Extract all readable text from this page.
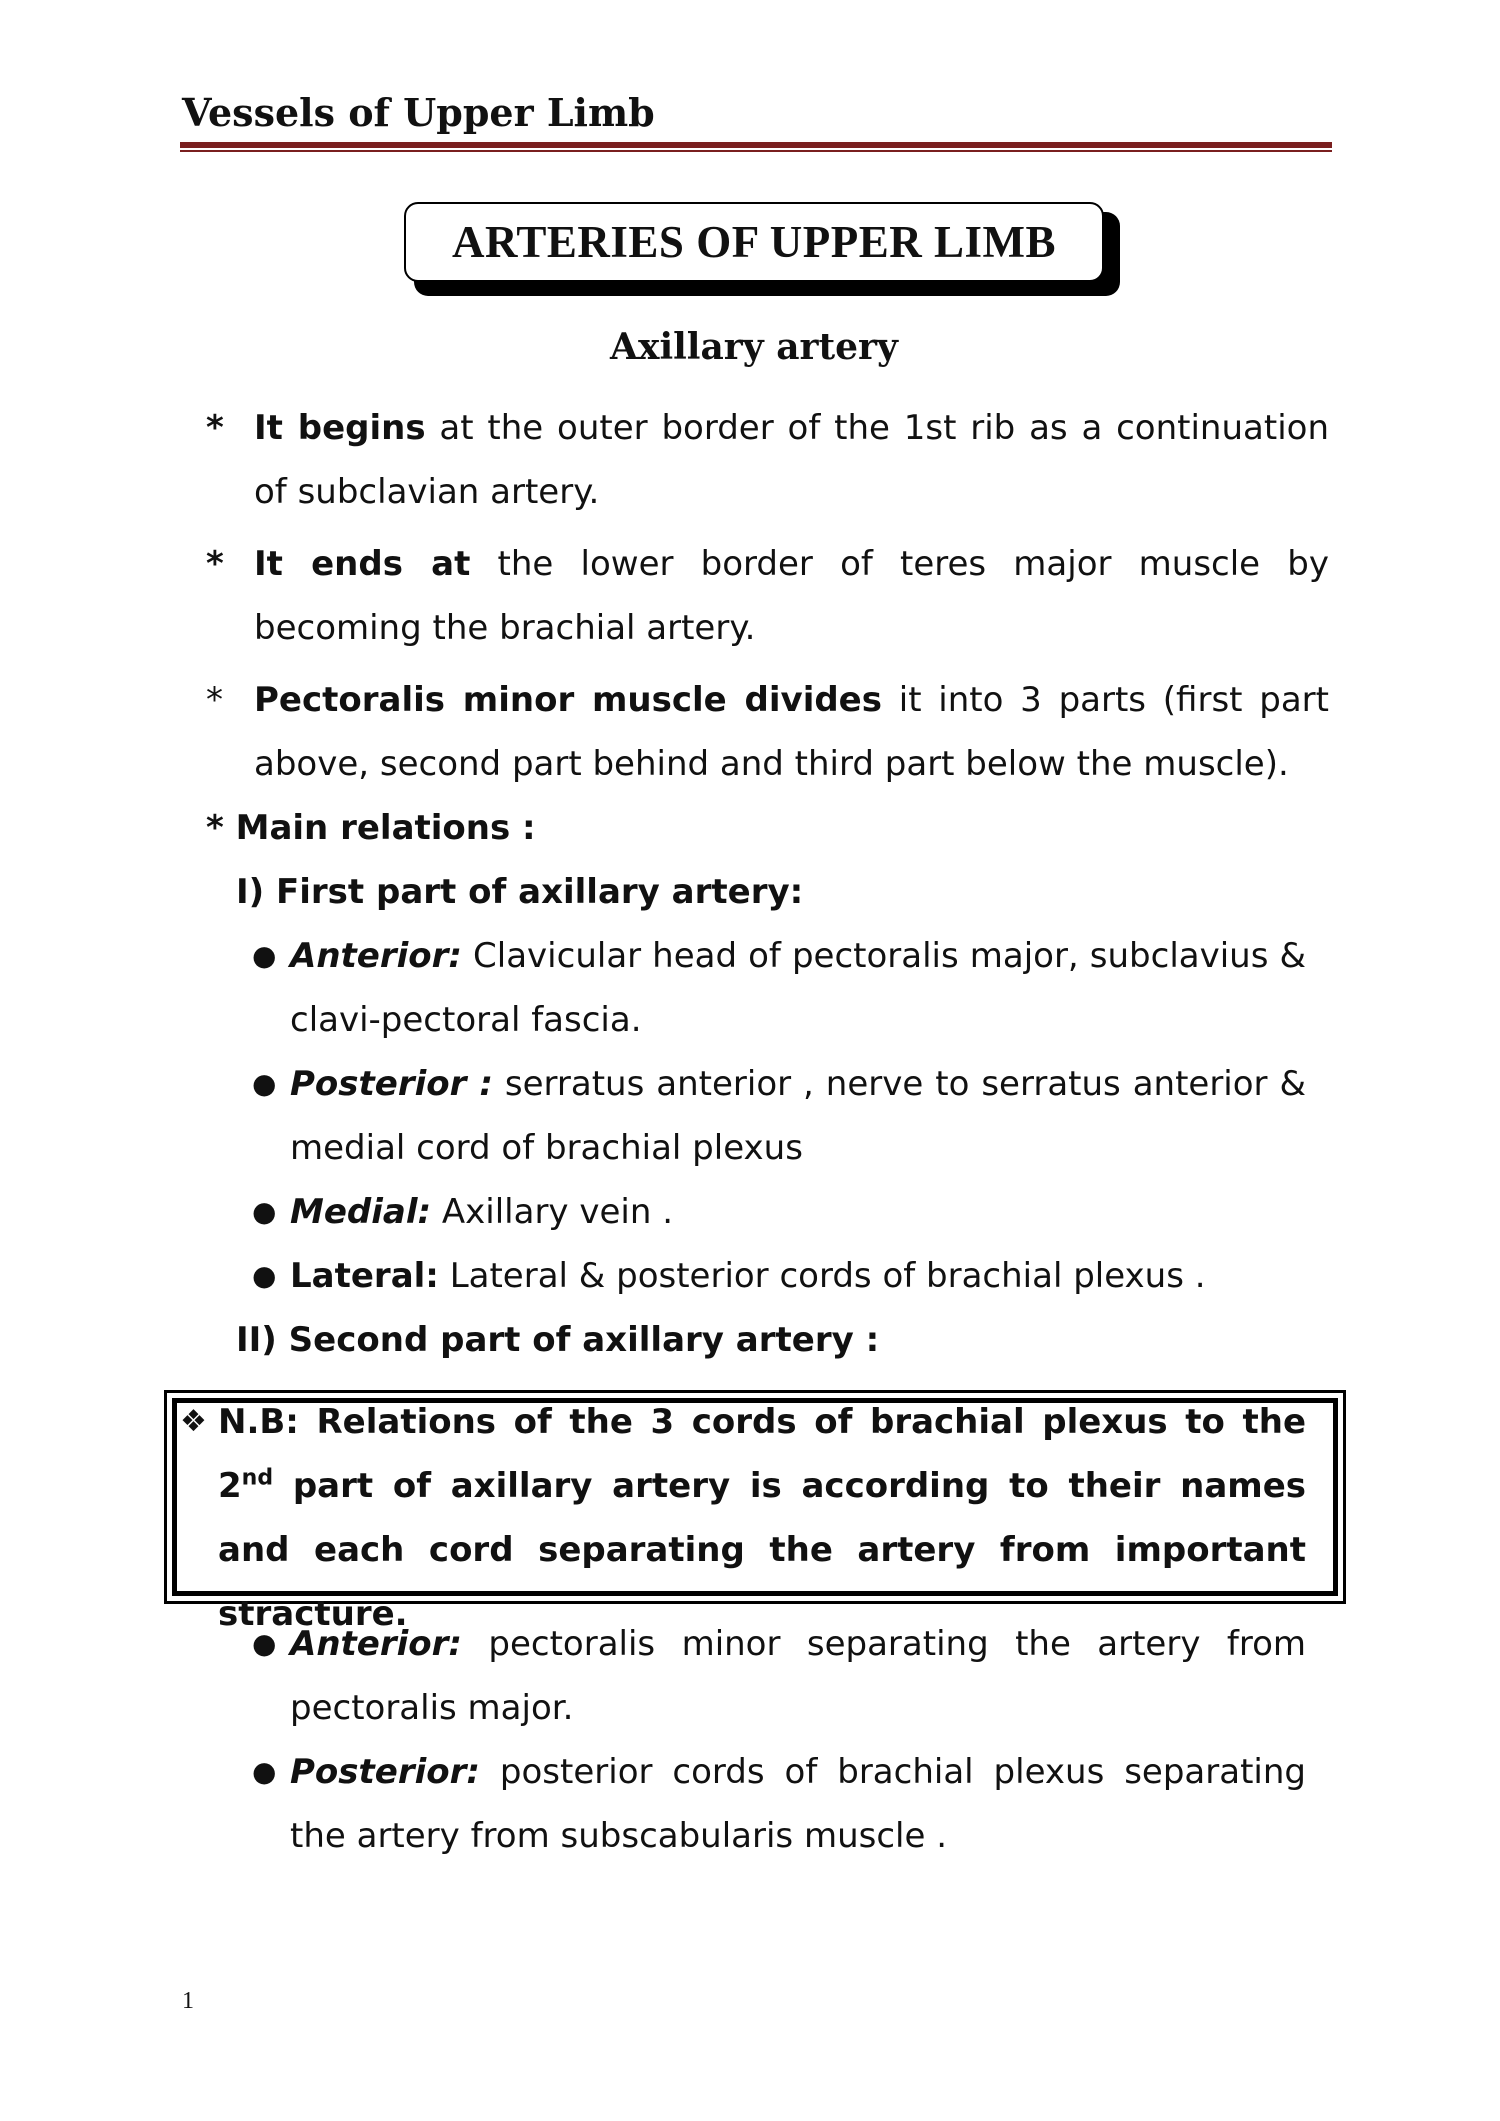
Vessels of Upper Limb
ARTERIES OF UPPER LIMB
Axillary artery
* It begins at the outer border of the 1st rib as a continuation of subclavian artery.

* It ends at the lower border of teres major muscle by becoming the brachial artery.

* Pectoralis minor muscle divides it into 3 parts (first part above, second part behind and third part below the muscle).

* Main relations :

I) First part of axillary artery:

● Anterior: Clavicular head of pectoralis major, subclavius & clavi-pectoral fascia.

● Posterior : serratus anterior , nerve to serratus anterior & medial cord of brachial plexus

● Medial: Axillary vein .

● Lateral: Lateral & posterior cords of brachial plexus .

II) Second part of axillary artery :

❖ N.B: Relations of the 3 cords of brachial plexus to the 2nd part of axillary artery is according to their names and each cord separating the artery from important stracture.

● Anterior: pectoralis minor separating the artery from pectoralis major.

● Posterior: posterior cords of brachial plexus separating the artery from subscabularis muscle .

1
